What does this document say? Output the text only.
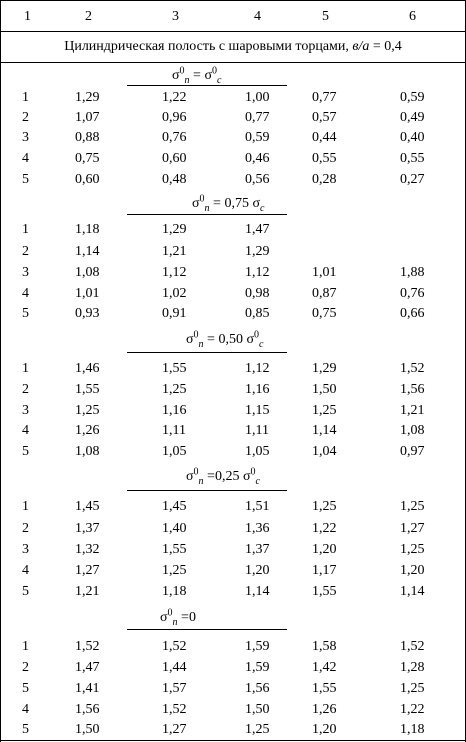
1	2	3	4	5	6
Цилиндрическая полость с шаровыми торцами, в/а = 0,4
$\sigma^0_n = \sigma^0_c$
1	1,29	1,22	1,00	0,77	0,59
2	1,07	0,96	0,77	0,57	0,49
3	0,88	0,76	0,59	0,44	0,40
4	0,75	0,60	0,46	0,55	0,55
5	0,60	0,48	0,56	0,28	0,27
$\sigma^0_n = 0,75$ $\sigma_c$
1	1,18	1,29	1,47
2	1,14	1,21	1,29
3	1,08	1,12	1,12	1,01	1,88
4	1,01	1,02	0,98	0,87	0,76
5	0,93	0,91	0,85	0,75	0,66
$\sigma^0_n = 0,50$ $\sigma^0_c$
1	1,46	1,55	1,12	1,29	1,52
2	1,55	1,25	1,16	1,50	1,56
3	1,25	1,16	1,15	1,25	1,21
4	1,26	1,11	1,11	1,14	1,08
5	1,08	1,05	1,05	1,04	0,97
$\sigma^0_n =0,25$ $\sigma^0_c$
1	1,45	1,45	1,51	1,25	1,25
2	1,37	1,40	1,36	1,22	1,27
3	1,32	1,55	1,37	1,20	1,25
4	1,27	1,25	1,20	1,17	1,20
5	1,21	1,18	1,14	1,55	1,14
$\sigma^0_n =0$
1	1,52	1,52	1,59	1,58	1,52
2	1,47	1,44	1,59	1,42	1,28
5	1,41	1,57	1,56	1,55	1,25
4	1,56	1,52	1,50	1,26	1,22
5	1,50	1,27	1,25	1,20	1,18
